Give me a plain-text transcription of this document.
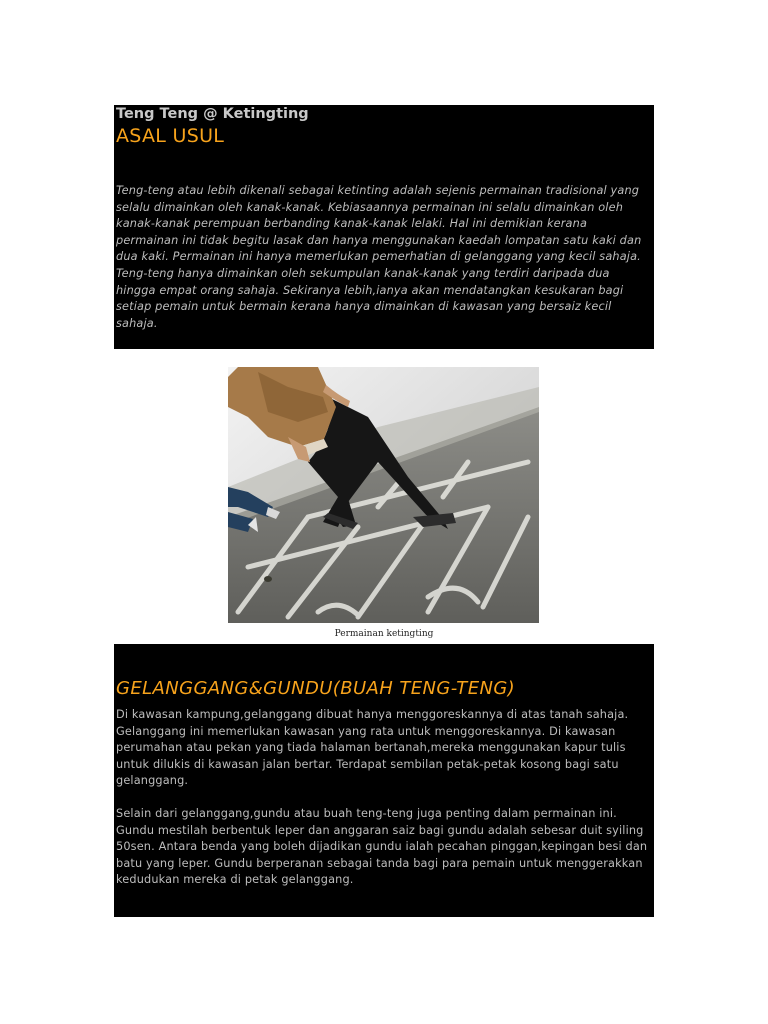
Teng Teng @ Ketingting
ASAL USUL

Teng-teng atau lebih dikenali sebagai ketinting adalah sejenis permainan tradisional yang selalu dimainkan oleh kanak-kanak. Kebiasaannya permainan ini selalu dimainkan oleh kanak-kanak perempuan berbanding kanak-kanak lelaki. Hal ini demikian kerana permainan ini tidak begitu lasak dan hanya menggunakan kaedah lompatan satu kaki dan dua kaki. Permainan ini hanya memerlukan pemerhatian di gelanggang yang kecil sahaja. Teng-teng hanya dimainkan oleh sekumpulan kanak-kanak yang terdiri daripada dua hingga empat orang sahaja. Sekiranya lebih,ianya akan mendatangkan kesukaran bagi setiap pemain untuk bermain kerana hanya dimainkan di kawasan yang bersaiz kecil sahaja.

Permainan ketingting
GELANGGANG&GUNDU(BUAH TENG-TENG)

Di kawasan kampung,gelanggang dibuat hanya menggoreskannya di atas tanah sahaja. Gelanggang ini memerlukan kawasan yang rata untuk menggoreskannya. Di kawasan perumahan atau pekan yang tiada halaman bertanah,mereka menggunakan kapur tulis untuk dilukis di kawasan jalan bertar. Terdapat sembilan petak-petak kosong bagi satu gelanggang.

Selain dari gelanggang,gundu atau buah teng-teng juga penting dalam permainan ini. Gundu mestilah berbentuk leper dan anggaran saiz bagi gundu adalah sebesar duit syiling 50sen. Antara benda yang boleh dijadikan gundu ialah pecahan pinggan,kepingan besi dan batu yang leper. Gundu berperanan sebagai tanda bagi para pemain untuk menggerakkan kedudukan mereka di petak gelanggang.
